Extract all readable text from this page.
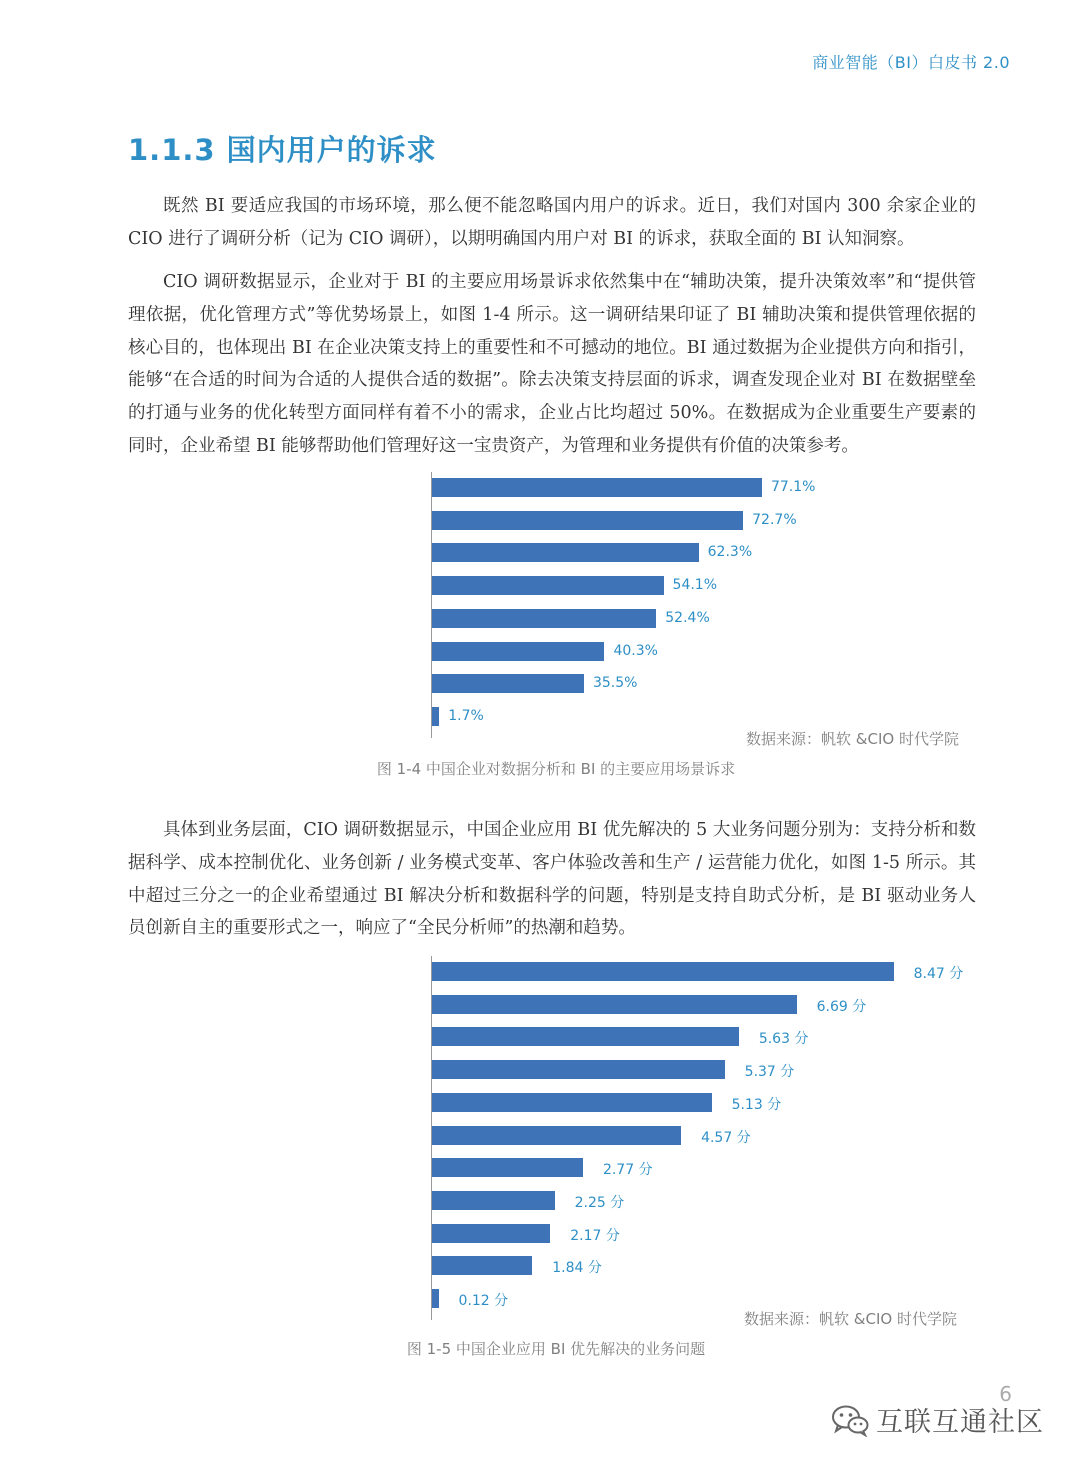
商业智能（BI）白皮书 2.0
1.1.3 国内用户的诉求

既然 BI 要适应我国的市场环境，那么便不能忽略国内用户的诉求。近日，我们对国内 300 余家企业的 CIO 进行了调研分析（记为 CIO 调研），以期明确国内用户对 BI 的诉求，获取全面的 BI 认知洞察。

CIO 调研数据显示，企业对于 BI 的主要应用场景诉求依然集中在“辅助决策，提升决策效率”和“提供管理依据，优化管理方式”等优势场景上，如图 1-4 所示。这一调研结果印证了 BI 辅助决策和提供管理依据的核心目的，也体现出 BI 在企业决策支持上的重要性和不可撼动的地位。BI 通过数据为企业提供方向和指引，能够“在合适的时间为合适的人提供合适的数据”。除去决策支持层面的诉求，调查发现企业对 BI 在数据壁垒的打通与业务的优化转型方面同样有着不小的需求，企业占比均超过 50%。在数据成为企业重要生产要素的同时，企业希望 BI 能够帮助他们管理好这一宝贵资产，为管理和业务提供有价值的决策参考。

77.1%
72.7%
62.3%
54.1%
52.4%
40.3%
35.5%
1.7%
数据来源：帆软 &CIO 时代学院
图 1-4 中国企业对数据分析和 BI 的主要应用场景诉求

具体到业务层面，CIO 调研数据显示，中国企业应用 BI 优先解决的 5 大业务问题分别为：支持分析和数据科学、成本控制优化、业务创新 / 业务模式变革、客户体验改善和生产 / 运营能力优化，如图 1-5 所示。其中超过三分之一的企业希望通过 BI 解决分析和数据科学的问题，特别是支持自助式分析，是 BI 驱动业务人员创新自主的重要形式之一，响应了“全民分析师”的热潮和趋势。

8.47 分
6.69 分
5.63 分
5.37 分
5.13 分
4.57 分
2.77 分
2.25 分
2.17 分
1.84 分
0.12 分
数据来源：帆软 &CIO 时代学院
图 1-5 中国企业应用 BI 优先解决的业务问题
6
互联互通社区
